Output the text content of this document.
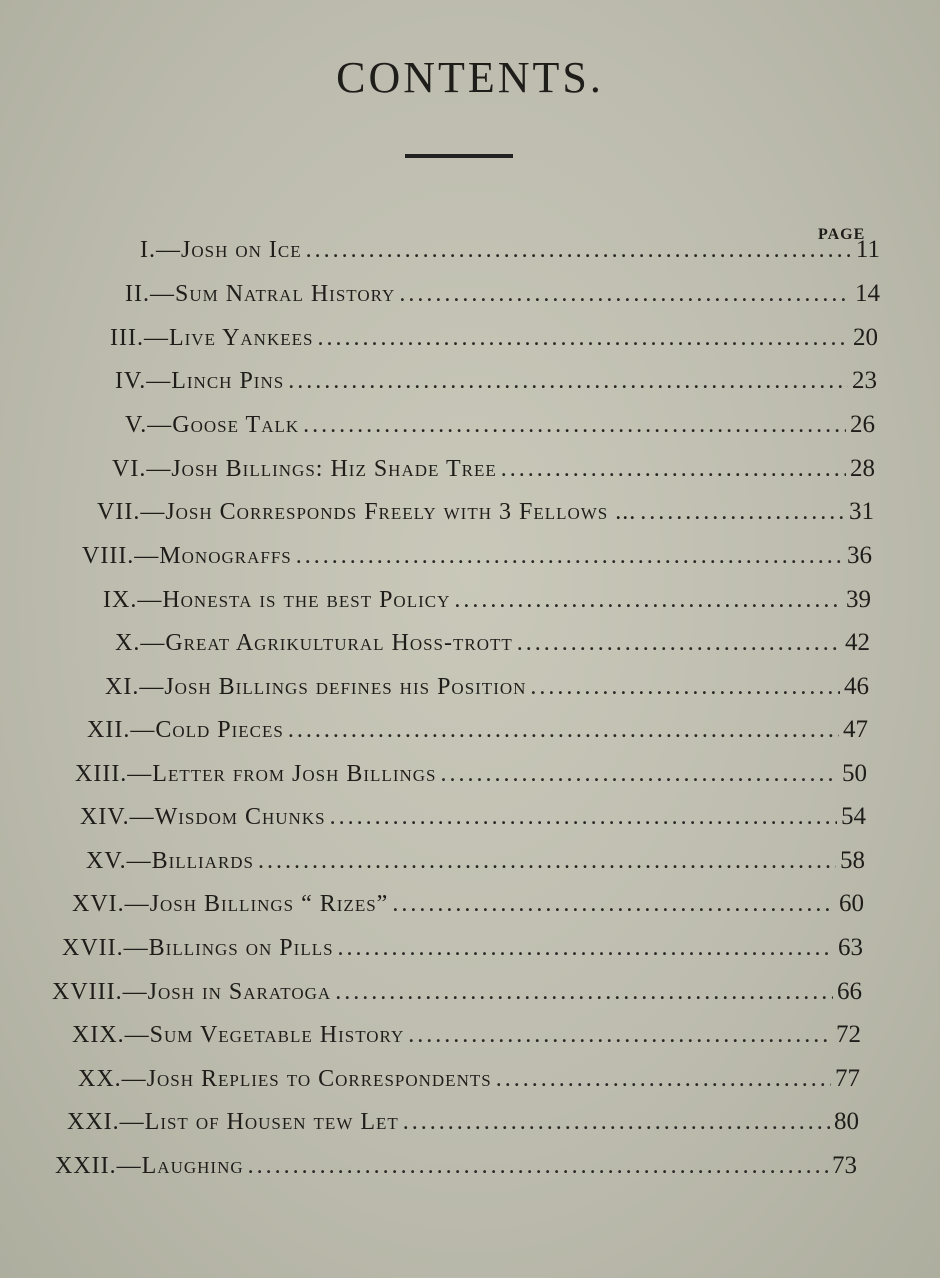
CONTENTS.
PAGE
I.—Josh on Ice .....	11
II.—Sum Natral History .....	14
III.—Live Yankees .....	20
IV.—Linch Pins .....	23
V.—Goose Talk .....	26
VI.—Josh Billings: Hiz Shade Tree .....	28
VII.—Josh Corresponds Freely with 3 Fellows ... .....	31
VIII.—Monograffs .....	36
IX.—Honesta is the best Policy .....	39
X.—Great Agrikultural Hoss-trott .....	42
XI.—Josh Billings defines his Position .....	46
XII.—Cold Pieces .....	47
XIII.—Letter from Josh Billings .....	50
XIV.—Wisdom Chunks .....	54
XV.—Billiards .....	58
XVI.—Josh Billings “ Rizes” .....	60
XVII.—Billings on Pills .....	63
XVIII.—Josh in Saratoga .....	66
XIX.—Sum Vegetable History .....	72
XX.—Josh Replies to Correspondents .....	77
XXI.—List of Housen tew Let .....	80
XXII.—Laughing .....	73
